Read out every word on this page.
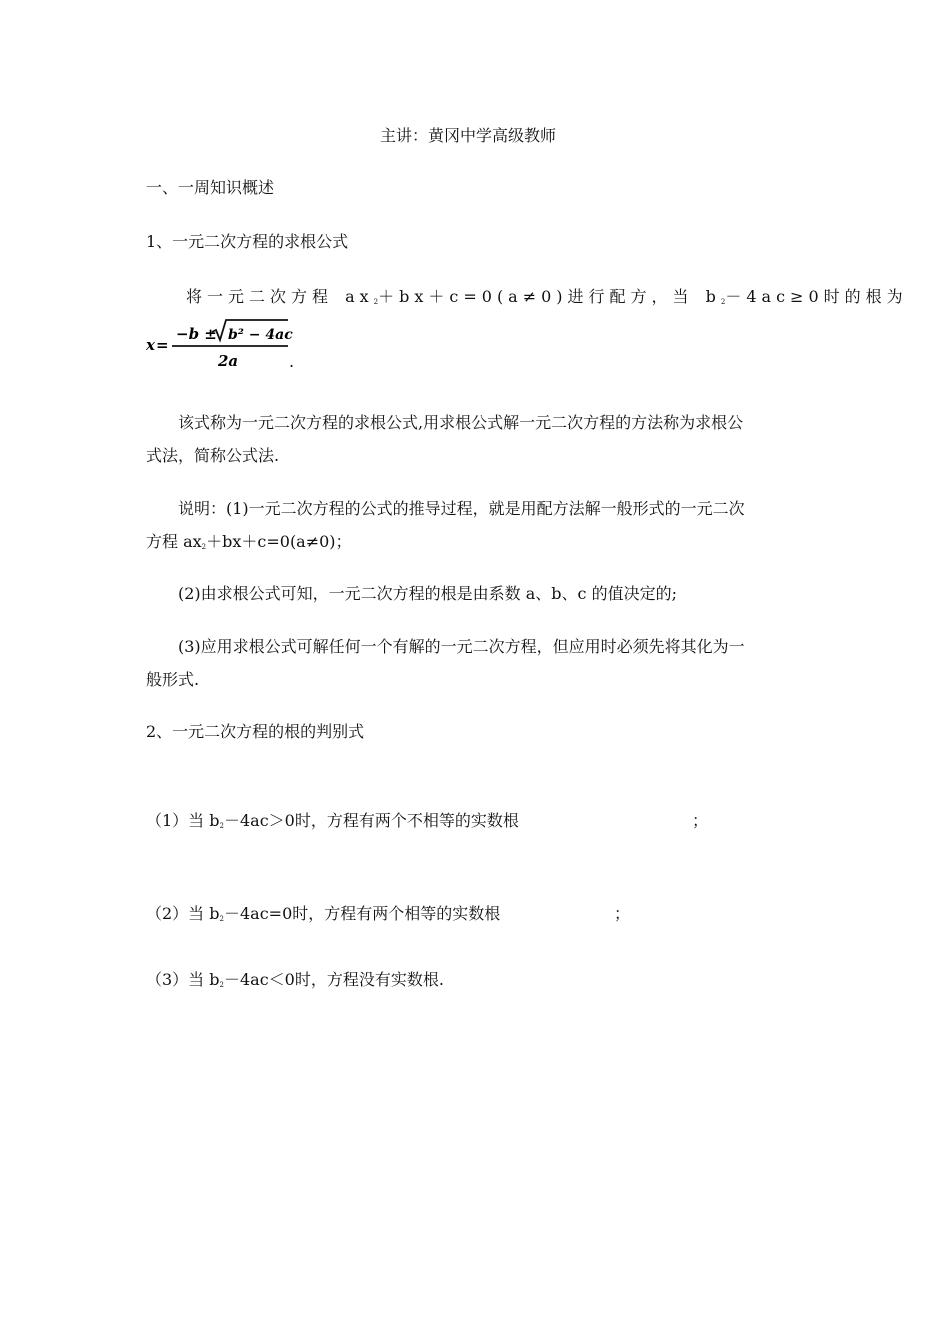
主讲：黄冈中学高级教师
一、一周知识概述
1、一元二次方程的求根公式
将一元二次方程 $ax_2+bx+c=0(a\ne 0)$进行配方，当 $b_2-4ac\ge 0$时的根为
x =
−b ± b² − 4ac
2a	.
该式称为一元二次方程的求根公式,用求根公式解一元二次方程的方法称为求根公
式法，简称公式法.
说明：(1)一元二次方程的公式的推导过程，就是用配方法解一般形式的一元二次
方程 $ax_2+bx+c=0(a\ne 0)$；
(2)由求根公式可知，一元二次方程的根是由系数 a、b、c 的值决定的;
(3)应用求根公式可解任何一个有解的一元二次方程，但应用时必须先将其化为一
般形式.
2、一元二次方程的根的判别式
（1）当 $b_2-4ac>0$时，方程有两个不相等的实数根	；
（2）当 $b_2-4ac=0$时，方程有两个相等的实数根	；
（3）当 $b_2-4ac<0$时，方程没有实数根.
